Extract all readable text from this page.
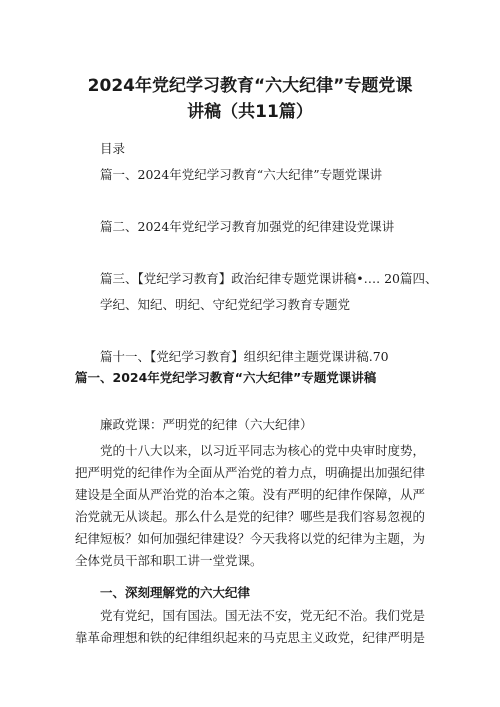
2024年党纪学习教育“六大纪律”专题党课
讲稿（共11篇）
目录
篇一、2024年党纪学习教育“六大纪律”专题党课讲
篇二、2024年党纪学习教育加强党的纪律建设党课讲
篇三、【党纪学习教育】政治纪律专题党课讲稿•…. 20篇四、
学纪、知纪、明纪、守纪党纪学习教育专题党
篇十一、【党纪学习教育】组织纪律主题党课讲稿.70
篇一、2024年党纪学习教育“六大纪律”专题党课讲稿
廉政党课：严明党的纪律（六大纪律）
党的十八大以来，以习近平同志为核心的党中央审时度势，
把严明党的纪律作为全面从严治党的着力点，明确提出加强纪律
建设是全面从严治党的治本之策。没有严明的纪律作保障，从严
治党就无从谈起。那么什么是党的纪律？哪些是我们容易忽视的
纪律短板？如何加强纪律建设？今天我将以党的纪律为主题，为
全体党员干部和职工讲一堂党课。
一、深刻理解党的六大纪律
党有党纪，国有国法。国无法不安，党无纪不治。我们党是
靠革命理想和铁的纪律组织起来的马克思主义政党，纪律严明是
